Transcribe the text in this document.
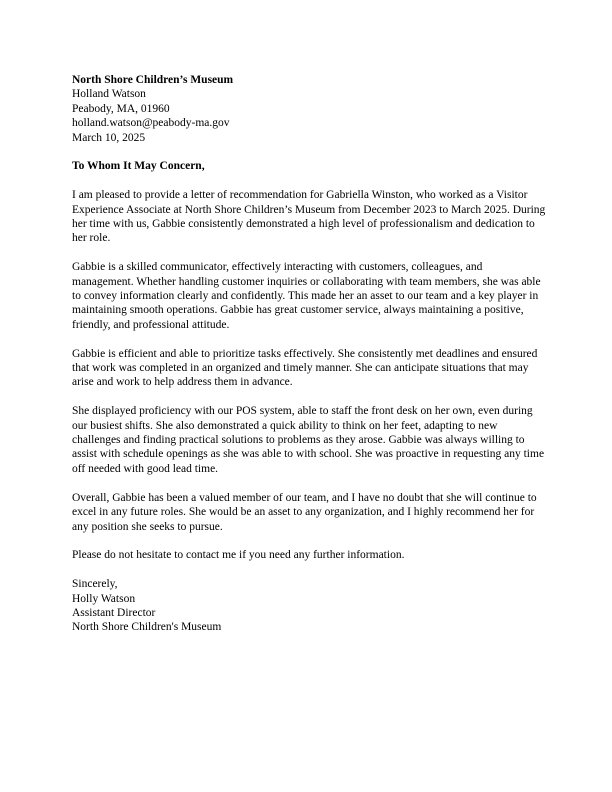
North Shore Children’s Museum
Holland Watson
Peabody, MA, 01960
holland.watson@peabody-ma.gov
March 10, 2025
To Whom It May Concern,

I am pleased to provide a letter of recommendation for Gabriella Winston, who worked as a Visitor Experience Associate at North Shore Children’s Museum from December 2023 to March 2025. During her time with us, Gabbie consistently demonstrated a high level of professionalism and dedication to her role.

Gabbie is a skilled communicator, effectively interacting with customers, colleagues, and management. Whether handling customer inquiries or collaborating with team members, she was able to convey information clearly and confidently. This made her an asset to our team and a key player in maintaining smooth operations. Gabbie has great customer service, always maintaining a positive, friendly, and professional attitude.

Gabbie is efficient and able to prioritize tasks effectively. She consistently met deadlines and ensured that work was completed in an organized and timely manner. She can anticipate situations that may arise and work to help address them in advance.

She displayed proficiency with our POS system, able to staff the front desk on her own, even during our busiest shifts. She also demonstrated a quick ability to think on her feet, adapting to new challenges and finding practical solutions to problems as they arose. Gabbie was always willing to assist with schedule openings as she was able to with school. She was proactive in requesting any time off needed with good lead time.

Overall, Gabbie has been a valued member of our team, and I have no doubt that she will continue to excel in any future roles. She would be an asset to any organization, and I highly recommend her for any position she seeks to pursue.

Please do not hesitate to contact me if you need any further information.

Sincerely,
Holly Watson
Assistant Director
North Shore Children's Museum
